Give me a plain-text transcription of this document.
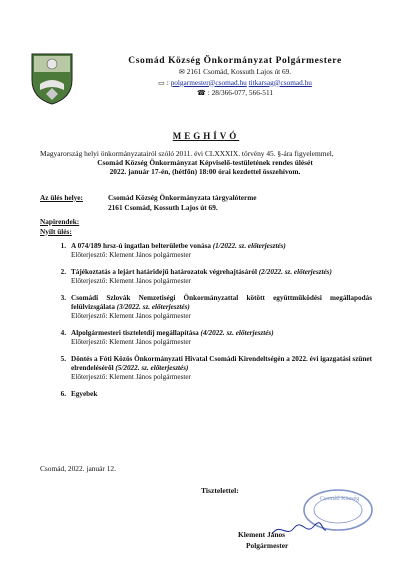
Csomád Község Önkormányzat Polgármestere
✉ 2161 Csomád, Kossuth Lajos út 69.
▭ : polgarmester@csomad.hu titkarsag@csomad.hu
☎ : 28/366-077, 566-511
MEGHÍVÓ
Magyarország helyi önkormányzatairól szóló 2011. évi CLXXXIX. törvény 45. §-ára figyelemmel,
Csomád Község Önkormányzat Képviselő-testületének rendes ülését
2022. január 17-én, (hétfőn) 18:00 órai kezdettel összehívom.
Az ülés helye:	Csomád Község Önkormányzata tárgyalóterme
2161 Csomád, Kossuth Lajos út 69.
Napirendek:
Nyílt ülés:
1. A 074/189 hrsz-ú ingatlan belterületbe vonása (1/2022. sz. előterjesztés)
Előterjesztő: Klement János polgármester
2. Tájékoztatás a lejárt határidejű határozatok végrehajtásáról (2/2022. sz. előterjesztés)
Előterjesztő: Klement János polgármester
3. Csomádi Szlovák Nemzetiségi Önkormányzattal kötött együttműködési megállapodás felülvizsgálata (3/2022. sz. előterjesztés)
Előterjesztő: Klement János polgármester
4. Alpolgármesteri tiszteletdíj megállapítása (4/2022. sz. előterjesztés)
Előterjesztő: Klement János polgármester
5. Döntés a Fóti Közös Önkormányzati Hivatal Csomádi Kirendeltségén a 2022. évi igazgatási szünet elrendeléséről (5/2022. sz. előterjesztés)
Előterjesztő: Klement János polgármester
6. Egyebek
Csomád, 2022. január 12.
Tisztelettel:
Csomád Község
Klement János
Polgármester
